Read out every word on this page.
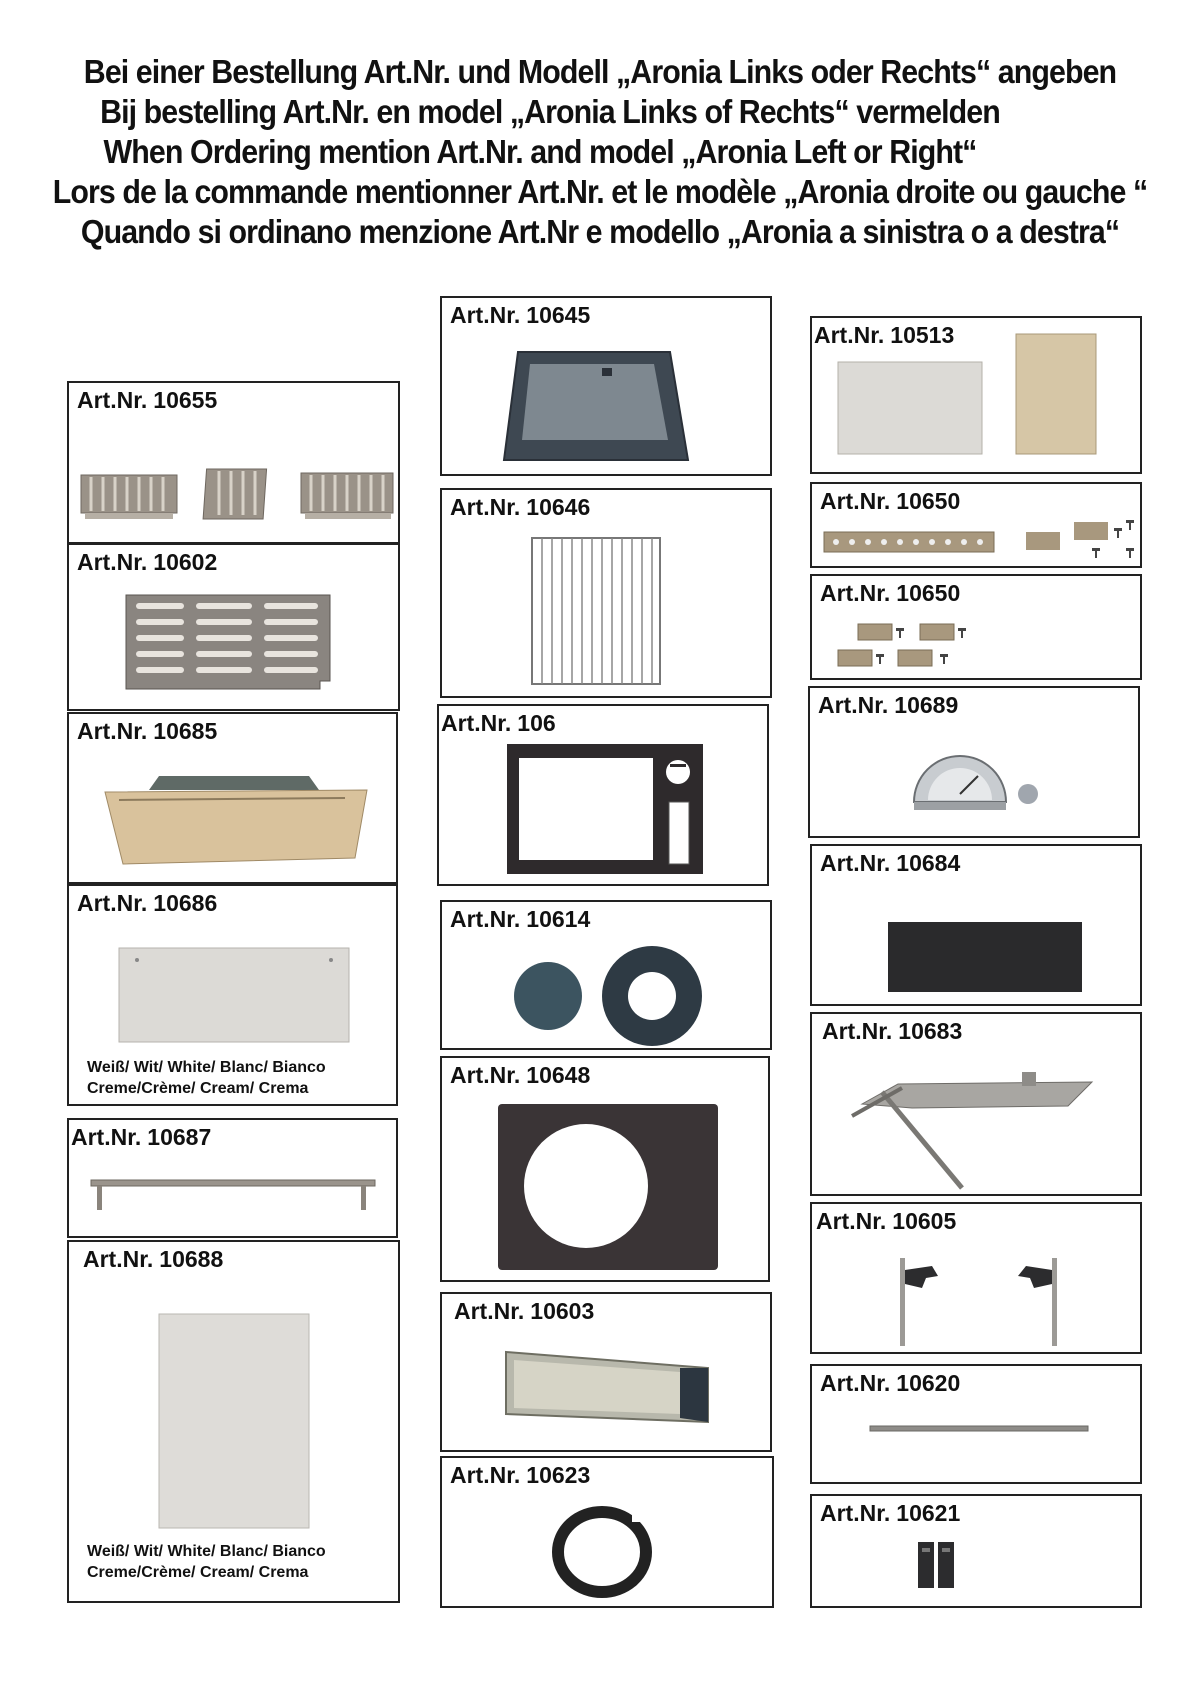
Bei einer Bestellung Art.Nr. und Modell „Aronia Links oder Rechts“ angeben
Bij bestelling Art.Nr. en model „Aronia Links of Rechts“ vermelden
When Ordering mention Art.Nr. and model „Aronia Left or Right“
Lors de la commande mentionner Art.Nr. et le modèle „Aronia droite ou gauche “
Quando si ordinano menzione Art.Nr e modello „Aronia a sinistra o a destra“
Art.Nr. 10655
Art.Nr. 10602
Art.Nr. 10685
Art.Nr. 10686
Weiß/ Wit/ White/ Blanc/ Bianco
Creme/Crème/ Cream/ Crema
Art.Nr. 10687
Art.Nr. 10688
Weiß/ Wit/ White/ Blanc/ Bianco
Creme/Crème/ Cream/ Crema
Art.Nr. 10645
Art.Nr. 10646
Art.Nr. 106
Art.Nr. 10614
Art.Nr. 10648
Art.Nr. 10603
Art.Nr. 10623
Art.Nr. 10513
Art.Nr. 10650
Art.Nr. 10650
Art.Nr. 10689
Art.Nr. 10684
Art.Nr. 10683
Art.Nr. 10605
Art.Nr. 10620
Art.Nr. 10621
